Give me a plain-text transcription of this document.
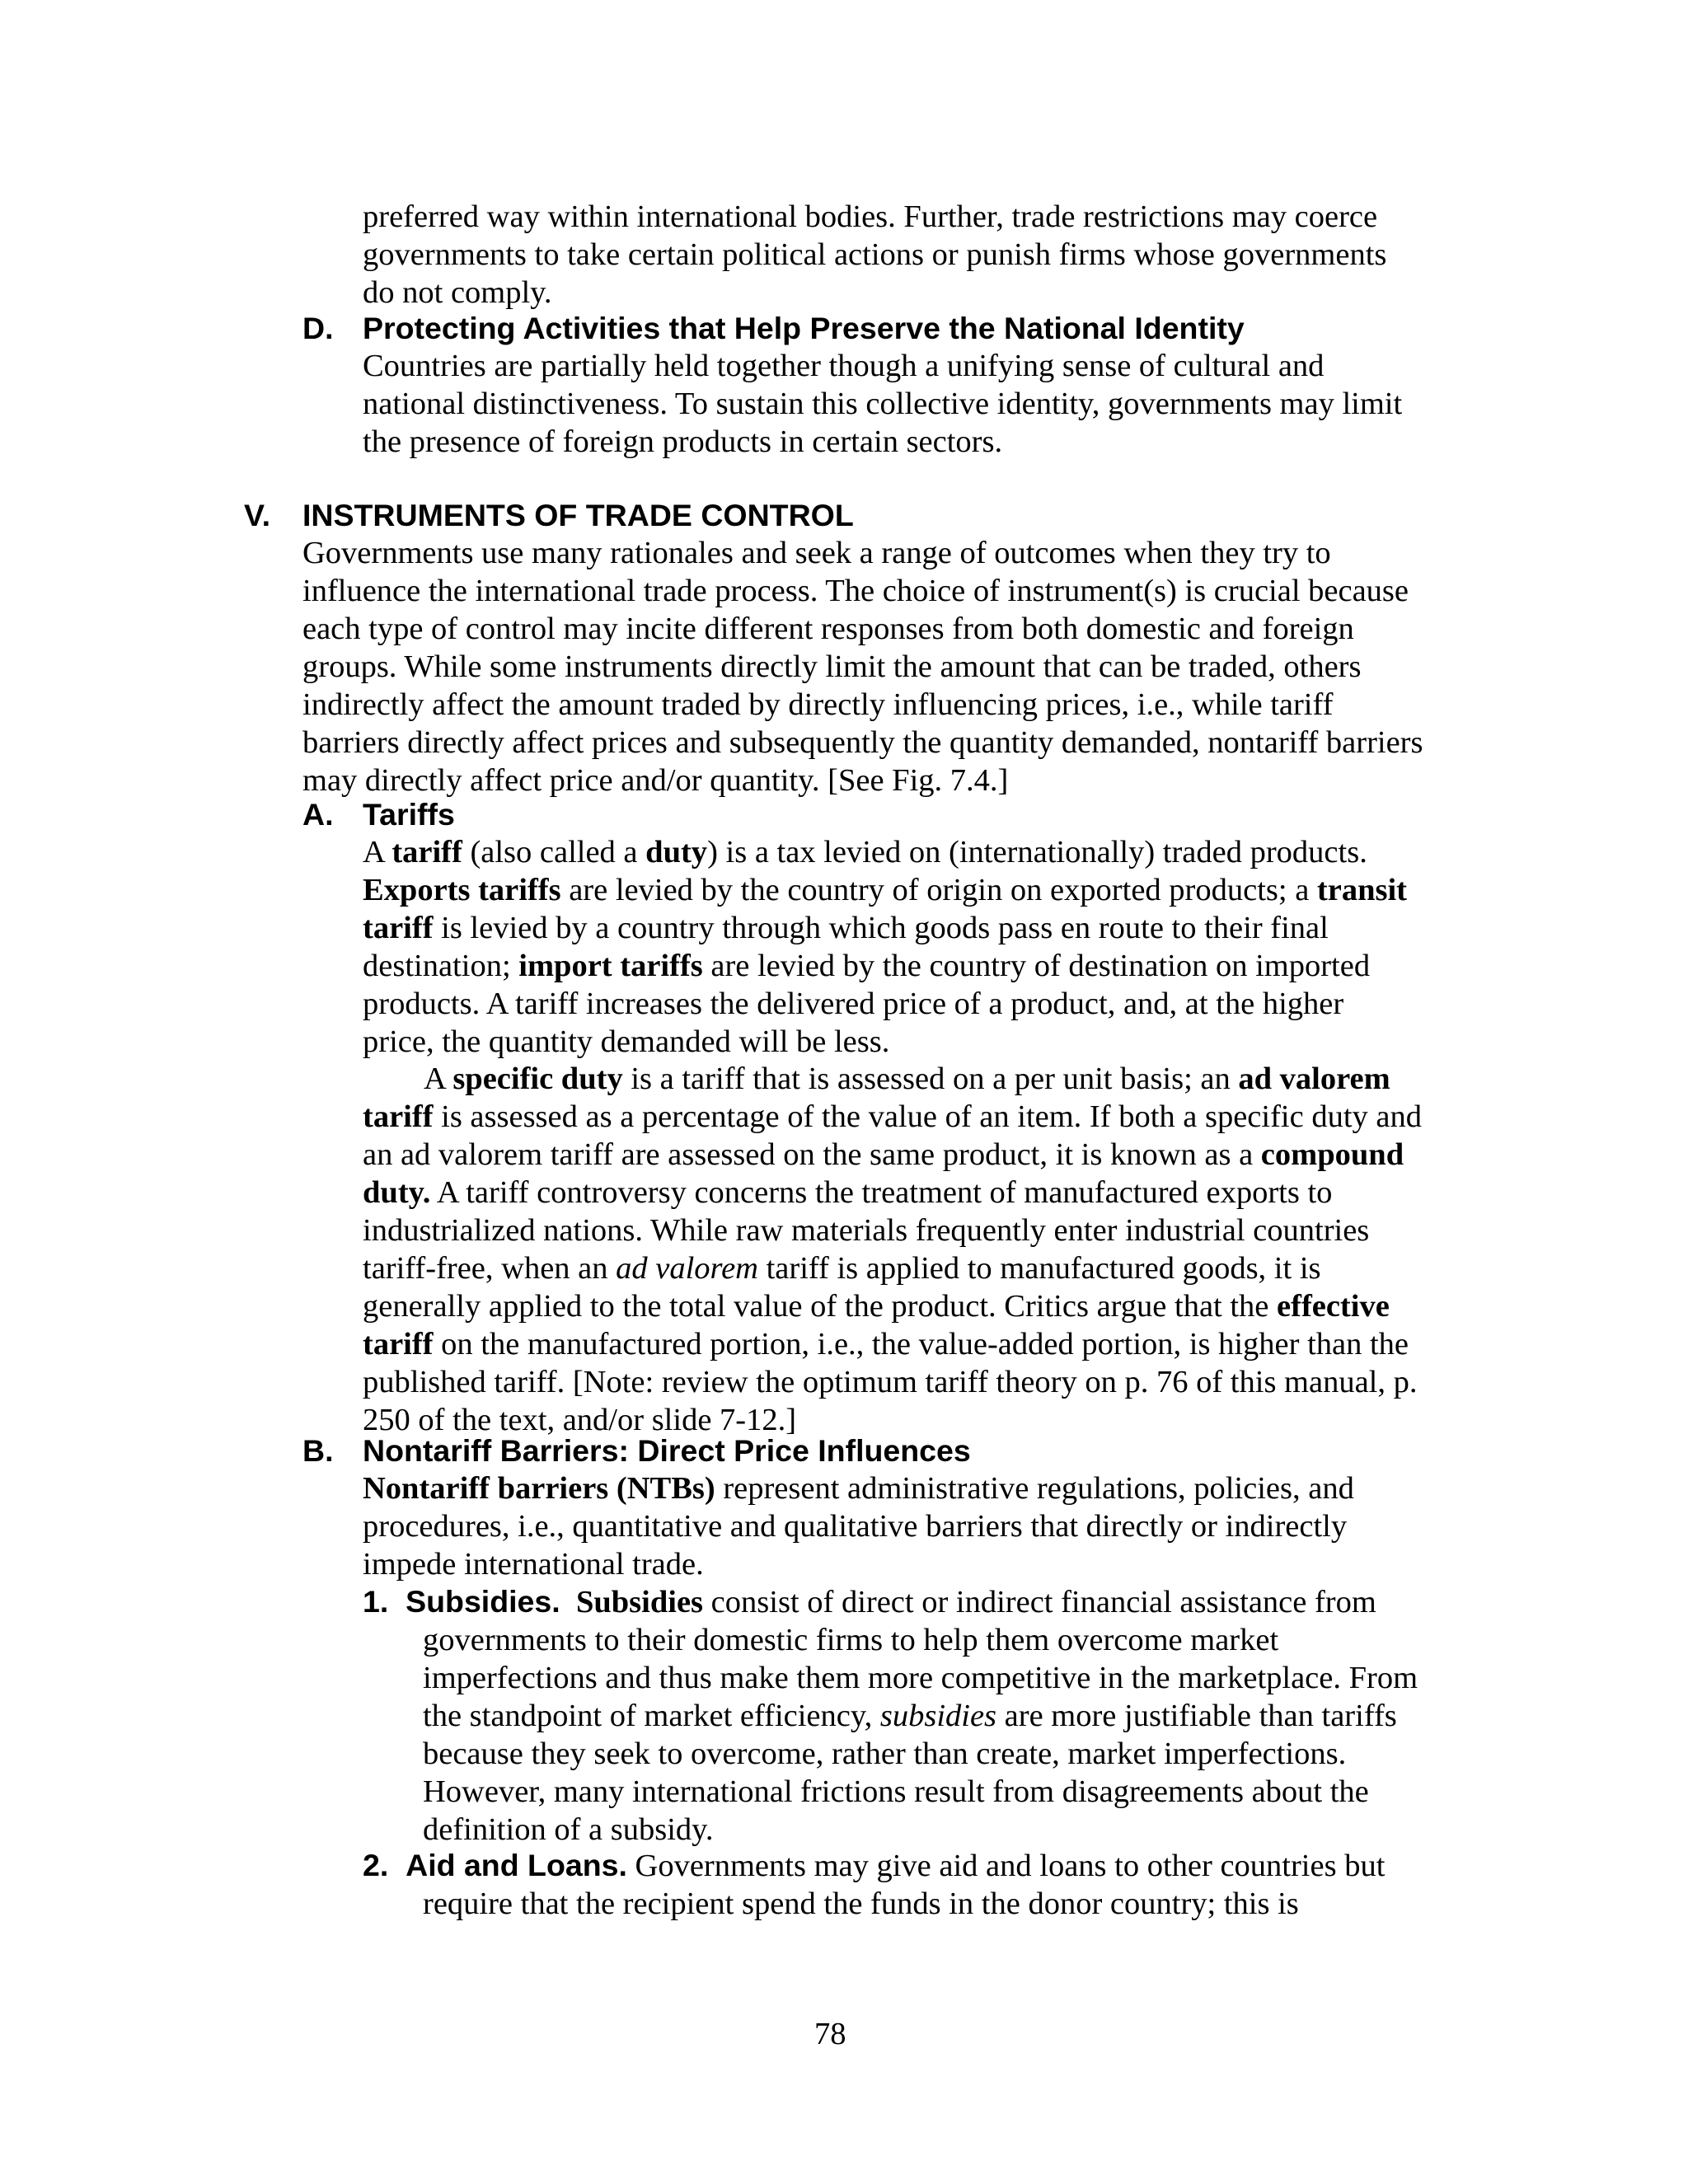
preferred way within international bodies. Further, trade restrictions may coerce governments to take certain political actions or punish firms whose governments do not comply.

D. Protecting Activities that Help Preserve the National Identity

Countries are partially held together though a unifying sense of cultural and national distinctiveness. To sustain this collective identity, governments may limit the presence of foreign products in certain sectors.

V. INSTRUMENTS OF TRADE CONTROL

Governments use many rationales and seek a range of outcomes when they try to influence the international trade process. The choice of instrument(s) is crucial because each type of control may incite different responses from both domestic and foreign groups. While some instruments directly limit the amount that can be traded, others indirectly affect the amount traded by directly influencing prices, i.e., while tariff barriers directly affect prices and subsequently the quantity demanded, nontariff barriers may directly affect price and/or quantity. [See Fig. 7.4.]

A. Tariffs

A tariff (also called a duty) is a tax levied on (internationally) traded products. Exports tariffs are levied by the country of origin on exported products; a transit tariff is levied by a country through which goods pass en route to their final destination; import tariffs are levied by the country of destination on imported products. A tariff increases the delivered price of a product, and, at the higher price, the quantity demanded will be less.

A specific duty is a tariff that is assessed on a per unit basis; an ad valorem tariff is assessed as a percentage of the value of an item. If both a specific duty and an ad valorem tariff are assessed on the same product, it is known as a compound duty. A tariff controversy concerns the treatment of manufactured exports to industrialized nations. While raw materials frequently enter industrial countries tariff-free, when an ad valorem tariff is applied to manufactured goods, it is generally applied to the total value of the product. Critics argue that the effective tariff on the manufactured portion, i.e., the value-added portion, is higher than the published tariff. [Note: review the optimum tariff theory on p. 76 of this manual, p. 250 of the text, and/or slide 7-12.]

B. Nontariff Barriers: Direct Price Influences

Nontariff barriers (NTBs) represent administrative regulations, policies, and procedures, i.e., quantitative and qualitative barriers that directly or indirectly impede international trade.

1. Subsidies. Subsidies consist of direct or indirect financial assistance from governments to their domestic firms to help them overcome market imperfections and thus make them more competitive in the marketplace. From the standpoint of market efficiency, subsidies are more justifiable than tariffs because they seek to overcome, rather than create, market imperfections. However, many international frictions result from disagreements about the definition of a subsidy.

2. Aid and Loans. Governments may give aid and loans to other countries but require that the recipient spend the funds in the donor country; this is

78
